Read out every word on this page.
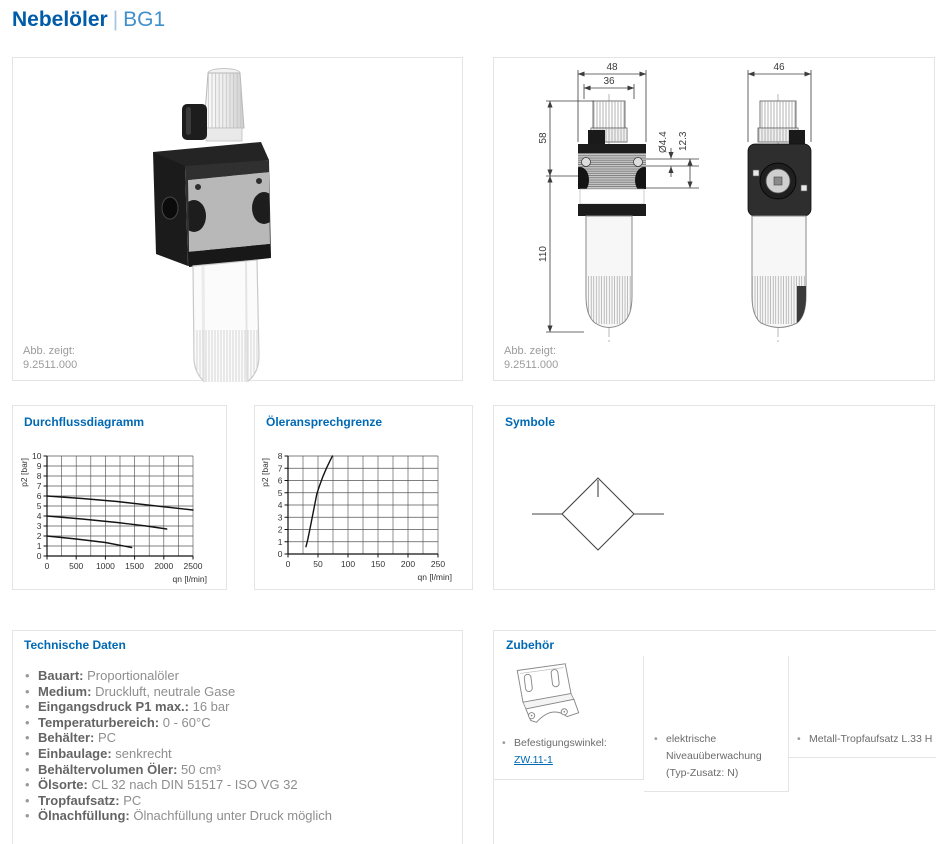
Nebelöler | BG1
Abb. zeigt:
9.2511.000
48
36
58
110
Ø4.4 12.3
46
Abb. zeigt:
9.2511.000
Durchflussdiagramm
0
1
2
3
4
5
6
7
8
9
10
0 500 1000 1500 2000 2500
p2 [bar]
qn [l/min]
Öleransprechgrenze
0
1
2
3
4
5
6
7
8
0	50 100 150 200 250
p2 [bar]
qn [l/min]
Symbole
Technische Daten
• Bauart: Proportionalöler
• Medium: Druckluft, neutrale Gase
• Eingangsdruck P1 max.: 16 bar
• Temperaturbereich: 0 - 60°C
• Behälter: PC
• Einbaulage: senkrecht
• Behältervolumen Öler: 50 cm³
• Ölsorte: CL 32 nach DIN 51517 - ISO VG 32
• Tropfaufsatz: PC
• Ölnachfüllung: Ölnachfüllung unter Druck möglich
Zubehör
• Befestigungswinkel:
ZW.11-1
• elektrische Niveauüberwachung (Typ-Zusatz: N)
• Metall-Tropfaufsatz L.33 H
